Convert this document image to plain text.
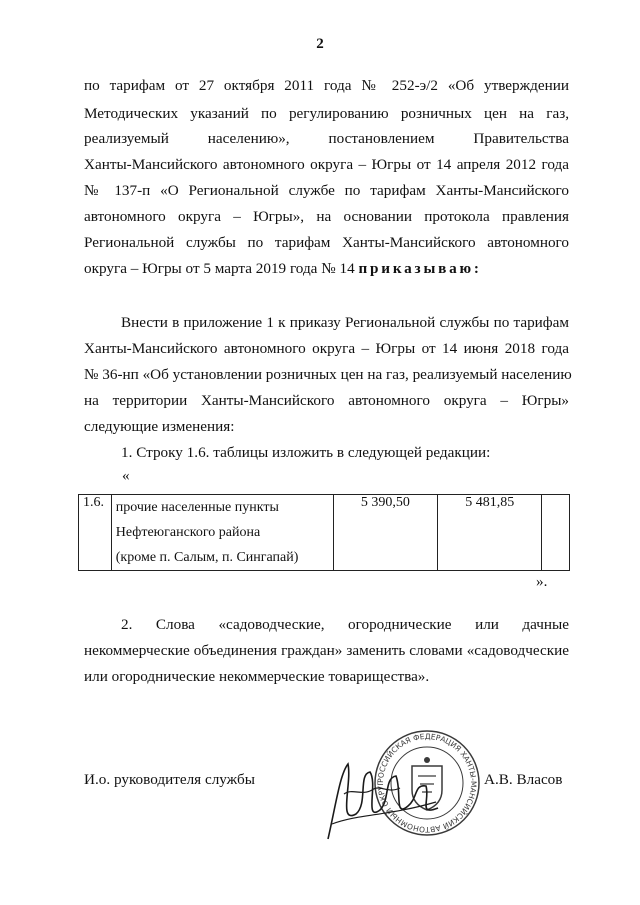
2
по тарифам от 27 октября 2011 года № 252-э/2 «Об утверждении
Методических указаний по регулированию розничных цен на газ,
реализуемый населению», постановлением Правительства
Ханты-Мансийского автономного округа – Югры от 14 апреля 2012 года
№ 137-п «О Региональной службе по тарифам Ханты-Мансийского
автономного округа – Югры», на основании протокола правления
Региональной службы по тарифам Ханты-Мансийского автономного
округа – Югры от 5 марта 2019 года № 14 приказываю:
Внести в приложение 1 к приказу Региональной службы по тарифам
Ханты-Мансийского автономного округа – Югры от 14 июня 2018 года
№ 36-нп «Об установлении розничных цен на газ, реализуемый населению
на территории Ханты-Мансийского автономного округа – Югры»
следующие изменения:
1. Строку 1.6. таблицы изложить в следующей редакции:
«
1.6.	прочие населенные пункты
Нефтеюганского района
(кроме п. Салым, п. Сингапай)
	5 390,50	5 481,85	
».
2. Слова «садоводческие, огороднические или дачные
некоммерческие объединения граждан» заменить словами «садоводческие
или огороднические некоммерческие товарищества».
РОССИЙСКАЯ ФЕДЕРАЦИЯ ХАНТЫ-МАНСИЙСКИЙ АВТОНОМНЫЙ ОКРУГ
И.о. руководителя службы	А.В. Власов
